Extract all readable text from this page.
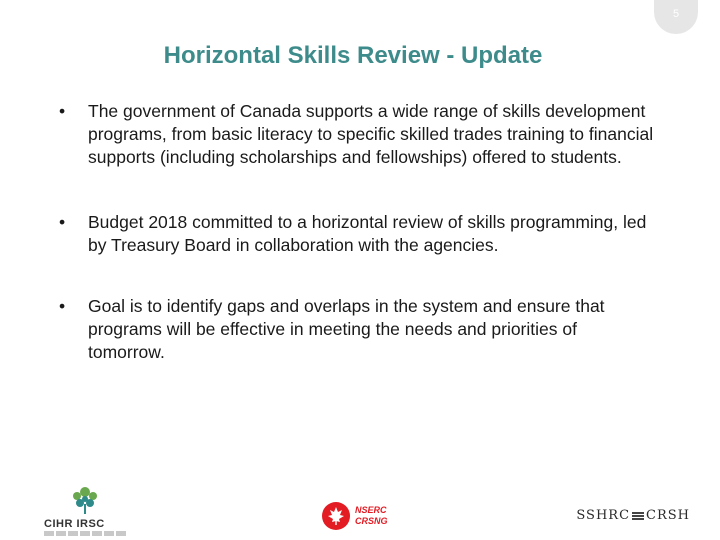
5
Horizontal Skills Review - Update
• The government of Canada supports a wide range of skills development programs, from basic literacy to specific skilled trades training to financial supports (including scholarships and fellowships) offered to students.
• Budget 2018 committed to a horizontal review of skills programming, led by Treasury Board in collaboration with the agencies.
• Goal is to identify gaps and overlaps in the system and ensure that programs will be effective in meeting the needs and priorities of tomorrow.
CIHR IRSC
NSERC
CRSNG	SSHRC CRSH
